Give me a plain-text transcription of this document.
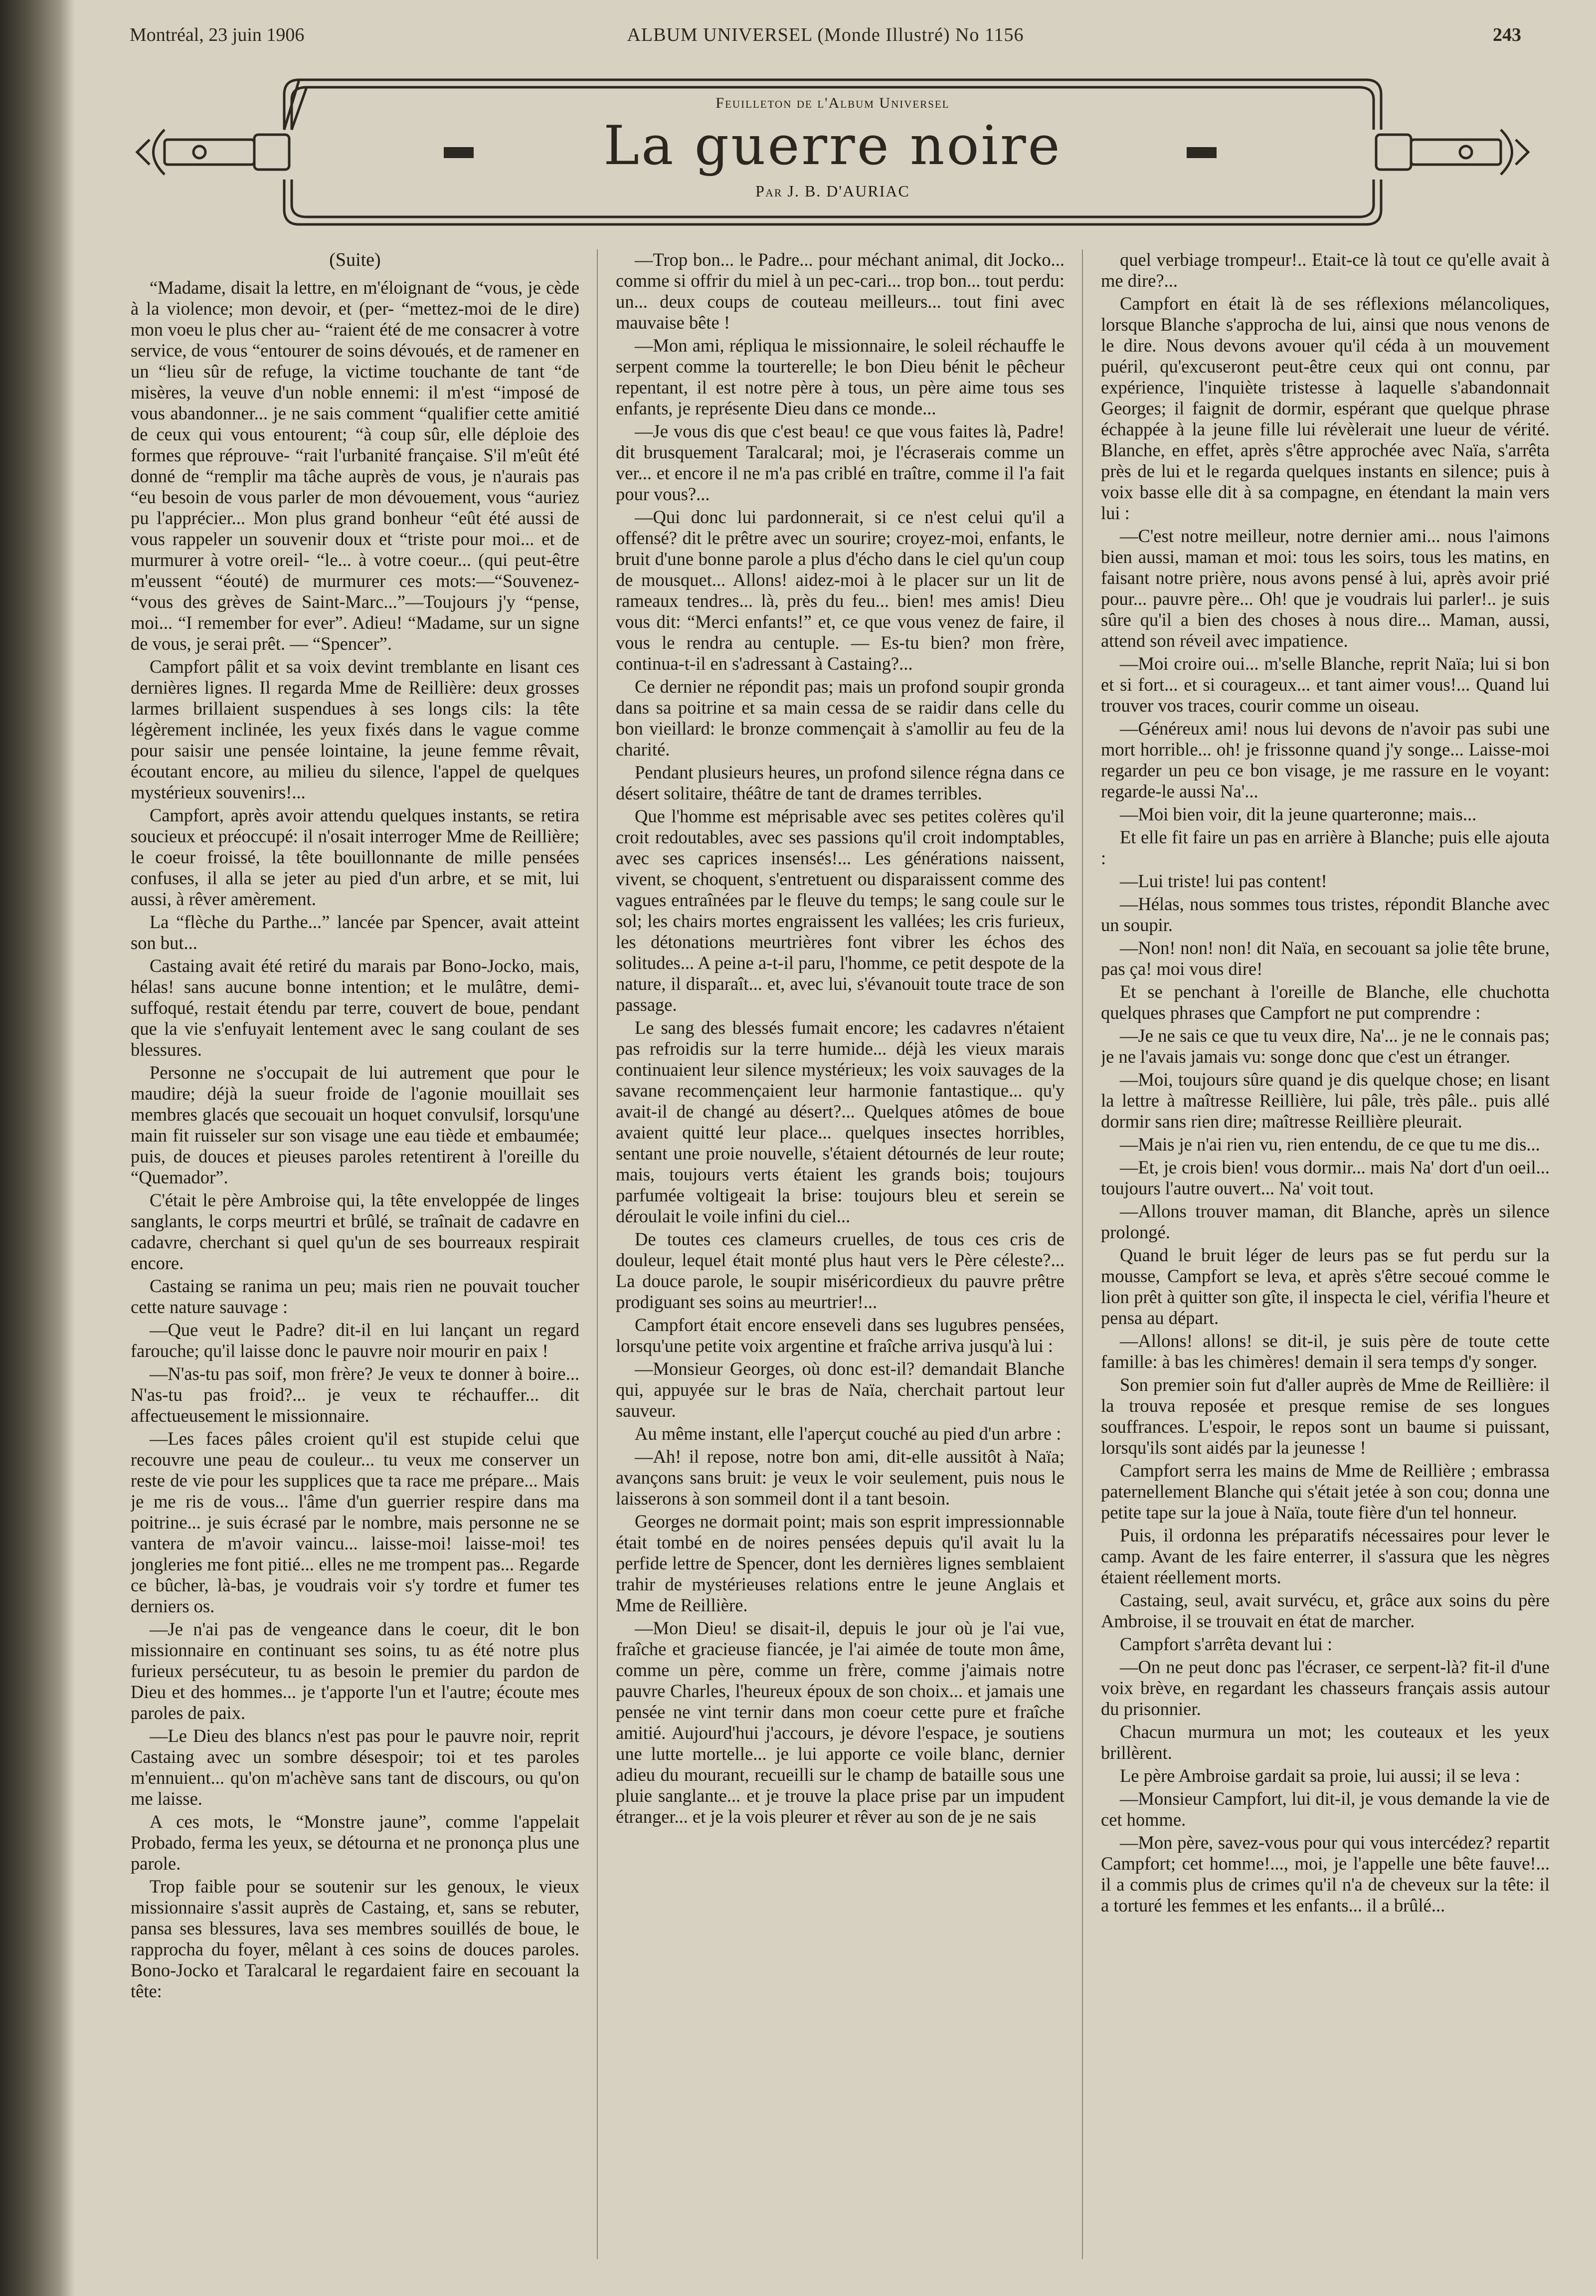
Montréal, 23 juin 1906	ALBUM UNIVERSEL (Monde Illustré) No 1156	243
Feuilleton de l'Album Universel
La guerre noire
Par J. B. D'AURIAC

(Suite)

“Madame, disait la lettre, en m'éloignant de “vous, je cède à la violence; mon devoir, et (per- “mettez-moi de le dire) mon voeu le plus cher au- “raient été de me consacrer à votre service, de vous “entourer de soins dévoués, et de ramener en un “lieu sûr de refuge, la victime touchante de tant “de misères, la veuve d'un noble ennemi: il m'est “imposé de vous abandonner... je ne sais comment “qualifier cette amitié de ceux qui vous entourent; “à coup sûr, elle déploie des formes que réprouve- “rait l'urbanité française. S'il m'eût été donné de “remplir ma tâche auprès de vous, je n'aurais pas “eu besoin de vous parler de mon dévouement, vous “auriez pu l'apprécier... Mon plus grand bonheur “eût été aussi de vous rappeler un souvenir doux et “triste pour moi... et de murmurer à votre oreil- “le... à votre coeur... (qui peut-être m'eussent “éouté) de murmurer ces mots:—“Souvenez- “vous des grèves de Saint-Marc...”—Toujours j'y “pense, moi... “I remember for ever”. Adieu! “Madame, sur un signe de vous, je serai prêt. — “Spencer”.

Campfort pâlit et sa voix devint tremblante en lisant ces dernières lignes. Il regarda Mme de Reillière: deux grosses larmes brillaient suspendues à ses longs cils: la tête légèrement inclinée, les yeux fixés dans le vague comme pour saisir une pensée lointaine, la jeune femme rêvait, écoutant encore, au milieu du silence, l'appel de quelques mystérieux souvenirs!...

Campfort, après avoir attendu quelques instants, se retira soucieux et préoccupé: il n'osait interroger Mme de Reillière; le coeur froissé, la tête bouillonnante de mille pensées confuses, il alla se jeter au pied d'un arbre, et se mit, lui aussi, à rêver amèrement.

La “flèche du Parthe...” lancée par Spencer, avait atteint son but...

Castaing avait été retiré du marais par Bono-Jocko, mais, hélas! sans aucune bonne intention; et le mulâtre, demi-suffoqué, restait étendu par terre, couvert de boue, pendant que la vie s'enfuyait lentement avec le sang coulant de ses blessures.

Personne ne s'occupait de lui autrement que pour le maudire; déjà la sueur froide de l'agonie mouillait ses membres glacés que secouait un hoquet convulsif, lorsqu'une main fit ruisseler sur son visage une eau tiède et embaumée; puis, de douces et pieuses paroles retentirent à l'oreille du “Quemador”.

C'était le père Ambroise qui, la tête enveloppée de linges sanglants, le corps meurtri et brûlé, se traînait de cadavre en cadavre, cherchant si quel qu'un de ses bourreaux respirait encore.

Castaing se ranima un peu; mais rien ne pouvait toucher cette nature sauvage :

—Que veut le Padre? dit-il en lui lançant un regard farouche; qu'il laisse donc le pauvre noir mourir en paix !

—N'as-tu pas soif, mon frère? Je veux te donner à boire... N'as-tu pas froid?... je veux te réchauffer... dit affectueusement le missionnaire.

—Les faces pâles croient qu'il est stupide celui que recouvre une peau de couleur... tu veux me conserver un reste de vie pour les supplices que ta race me prépare... Mais je me ris de vous... l'âme d'un guerrier respire dans ma poitrine... je suis écrasé par le nombre, mais personne ne se vantera de m'avoir vaincu... laisse-moi! laisse-moi! tes jongleries me font pitié... elles ne me trompent pas... Regarde ce bûcher, là-bas, je voudrais voir s'y tordre et fumer tes derniers os.

—Je n'ai pas de vengeance dans le coeur, dit le bon missionnaire en continuant ses soins, tu as été notre plus furieux persécuteur, tu as besoin le premier du pardon de Dieu et des hommes... je t'apporte l'un et l'autre; écoute mes paroles de paix.

—Le Dieu des blancs n'est pas pour le pauvre noir, reprit Castaing avec un sombre désespoir; toi et tes paroles m'ennuient... qu'on m'achève sans tant de discours, ou qu'on me laisse.

A ces mots, le “Monstre jaune”, comme l'appelait Probado, ferma les yeux, se détourna et ne prononça plus une parole.

Trop faible pour se soutenir sur les genoux, le vieux missionnaire s'assit auprès de Castaing, et, sans se rebuter, pansa ses blessures, lava ses membres souillés de boue, le rapprocha du foyer, mêlant à ces soins de douces paroles. Bono-Jocko et Taralcaral le regardaient faire en secouant la tête:

—Trop bon... le Padre... pour méchant animal, dit Jocko... comme si offrir du miel à un pec-cari... trop bon... tout perdu: un... deux coups de couteau meilleurs... tout fini avec mauvaise bête !

—Mon ami, répliqua le missionnaire, le soleil réchauffe le serpent comme la tourterelle; le bon Dieu bénit le pêcheur repentant, il est notre père à tous, un père aime tous ses enfants, je représente Dieu dans ce monde...

—Je vous dis que c'est beau! ce que vous faites là, Padre! dit brusquement Taralcaral; moi, je l'écraserais comme un ver... et encore il ne m'a pas criblé en traître, comme il l'a fait pour vous?...

—Qui donc lui pardonnerait, si ce n'est celui qu'il a offensé? dit le prêtre avec un sourire; croyez-moi, enfants, le bruit d'une bonne parole a plus d'écho dans le ciel qu'un coup de mousquet... Allons! aidez-moi à le placer sur un lit de rameaux tendres... là, près du feu... bien! mes amis! Dieu vous dit: “Merci enfants!” et, ce que vous venez de faire, il vous le rendra au centuple. — Es-tu bien? mon frère, continua-t-il en s'adressant à Castaing?...

Ce dernier ne répondit pas; mais un profond soupir gronda dans sa poitrine et sa main cessa de se raidir dans celle du bon vieillard: le bronze commençait à s'amollir au feu de la charité.

Pendant plusieurs heures, un profond silence régna dans ce désert solitaire, théâtre de tant de drames terribles.

Que l'homme est méprisable avec ses petites colères qu'il croit redoutables, avec ses passions qu'il croit indomptables, avec ses caprices insensés!... Les générations naissent, vivent, se choquent, s'entretuent ou disparaissent comme des vagues entraînées par le fleuve du temps; le sang coule sur le sol; les chairs mortes engraissent les vallées; les cris furieux, les détonations meurtrières font vibrer les échos des solitudes... A peine a-t-il paru, l'homme, ce petit despote de la nature, il disparaît... et, avec lui, s'évanouit toute trace de son passage.

Le sang des blessés fumait encore; les cadavres n'étaient pas refroidis sur la terre humide... déjà les vieux marais continuaient leur silence mystérieux; les voix sauvages de la savane recommençaient leur harmonie fantastique... qu'y avait-il de changé au désert?... Quelques atômes de boue avaient quitté leur place... quelques insectes horribles, sentant une proie nouvelle, s'étaient détournés de leur route; mais, toujours verts étaient les grands bois; toujours parfumée voltigeait la brise: toujours bleu et serein se déroulait le voile infini du ciel...

De toutes ces clameurs cruelles, de tous ces cris de douleur, lequel était monté plus haut vers le Père céleste?... La douce parole, le soupir miséricordieux du pauvre prêtre prodiguant ses soins au meurtrier!...

Campfort était encore enseveli dans ses lugubres pensées, lorsqu'une petite voix argentine et fraîche arriva jusqu'à lui :

—Monsieur Georges, où donc est-il? demandait Blanche qui, appuyée sur le bras de Naïa, cherchait partout leur sauveur.

Au même instant, elle l'aperçut couché au pied d'un arbre :

—Ah! il repose, notre bon ami, dit-elle aussitôt à Naïa; avançons sans bruit: je veux le voir seulement, puis nous le laisserons à son sommeil dont il a tant besoin.

Georges ne dormait point; mais son esprit impressionnable était tombé en de noires pensées depuis qu'il avait lu la perfide lettre de Spencer, dont les dernières lignes semblaient trahir de mystérieuses relations entre le jeune Anglais et Mme de Reillière.

—Mon Dieu! se disait-il, depuis le jour où je l'ai vue, fraîche et gracieuse fiancée, je l'ai aimée de toute mon âme, comme un père, comme un frère, comme j'aimais notre pauvre Charles, l'heureux époux de son choix... et jamais une pensée ne vint ternir dans mon coeur cette pure et fraîche amitié. Aujourd'hui j'accours, je dévore l'espace, je soutiens une lutte mortelle... je lui apporte ce voile blanc, dernier adieu du mourant, recueilli sur le champ de bataille sous une pluie sanglante... et je trouve la place prise par un impudent étranger... et je la vois pleurer et rêver au son de je ne sais

quel verbiage trompeur!.. Etait-ce là tout ce qu'elle avait à me dire?...

Campfort en était là de ses réflexions mélancoliques, lorsque Blanche s'approcha de lui, ainsi que nous venons de le dire. Nous devons avouer qu'il céda à un mouvement puéril, qu'excuseront peut-être ceux qui ont connu, par expérience, l'inquiète tristesse à laquelle s'abandonnait Georges; il faignit de dormir, espérant que quelque phrase échappée à la jeune fille lui révèlerait une lueur de vérité. Blanche, en effet, après s'être approchée avec Naïa, s'arrêta près de lui et le regarda quelques instants en silence; puis à voix basse elle dit à sa compagne, en étendant la main vers lui :

—C'est notre meilleur, notre dernier ami... nous l'aimons bien aussi, maman et moi: tous les soirs, tous les matins, en faisant notre prière, nous avons pensé à lui, après avoir prié pour... pauvre père... Oh! que je voudrais lui parler!.. je suis sûre qu'il a bien des choses à nous dire... Maman, aussi, attend son réveil avec impatience.

—Moi croire oui... m'selle Blanche, reprit Naïa; lui si bon et si fort... et si courageux... et tant aimer vous!... Quand lui trouver vos traces, courir comme un oiseau.

—Généreux ami! nous lui devons de n'avoir pas subi une mort horrible... oh! je frissonne quand j'y songe... Laisse-moi regarder un peu ce bon visage, je me rassure en le voyant: regarde-le aussi Na'...

—Moi bien voir, dit la jeune quarteronne; mais...

Et elle fit faire un pas en arrière à Blanche; puis elle ajouta :

—Lui triste! lui pas content!

—Hélas, nous sommes tous tristes, répondit Blanche avec un soupir.

—Non! non! non! dit Naïa, en secouant sa jolie tête brune, pas ça! moi vous dire!

Et se penchant à l'oreille de Blanche, elle chuchotta quelques phrases que Campfort ne put comprendre :

—Je ne sais ce que tu veux dire, Na'... je ne le connais pas; je ne l'avais jamais vu: songe donc que c'est un étranger.

—Moi, toujours sûre quand je dis quelque chose; en lisant la lettre à maîtresse Reillière, lui pâle, très pâle.. puis allé dormir sans rien dire; maîtresse Reillière pleurait.

—Mais je n'ai rien vu, rien entendu, de ce que tu me dis...

—Et, je crois bien! vous dormir... mais Na' dort d'un oeil... toujours l'autre ouvert... Na' voit tout.

—Allons trouver maman, dit Blanche, après un silence prolongé.

Quand le bruit léger de leurs pas se fut perdu sur la mousse, Campfort se leva, et après s'être secoué comme le lion prêt à quitter son gîte, il inspecta le ciel, vérifia l'heure et pensa au départ.

—Allons! allons! se dit-il, je suis père de toute cette famille: à bas les chimères! demain il sera temps d'y songer.

Son premier soin fut d'aller auprès de Mme de Reillière: il la trouva reposée et presque remise de ses longues souffrances. L'espoir, le repos sont un baume si puissant, lorsqu'ils sont aidés par la jeunesse !

Campfort serra les mains de Mme de Reillière ; embrassa paternellement Blanche qui s'était jetée à son cou; donna une petite tape sur la joue à Naïa, toute fière d'un tel honneur.

Puis, il ordonna les préparatifs nécessaires pour lever le camp. Avant de les faire enterrer, il s'assura que les nègres étaient réellement morts.

Castaing, seul, avait survécu, et, grâce aux soins du père Ambroise, il se trouvait en état de marcher.

Campfort s'arrêta devant lui :

—On ne peut donc pas l'écraser, ce serpent-là? fit-il d'une voix brève, en regardant les chasseurs français assis autour du prisonnier.

Chacun murmura un mot; les couteaux et les yeux brillèrent.

Le père Ambroise gardait sa proie, lui aussi; il se leva :

—Monsieur Campfort, lui dit-il, je vous demande la vie de cet homme.

—Mon père, savez-vous pour qui vous intercédez? repartit Campfort; cet homme!..., moi, je l'appelle une bête fauve!... il a commis plus de crimes qu'il n'a de cheveux sur la tête: il a torturé les femmes et les enfants... il a brûlé...
